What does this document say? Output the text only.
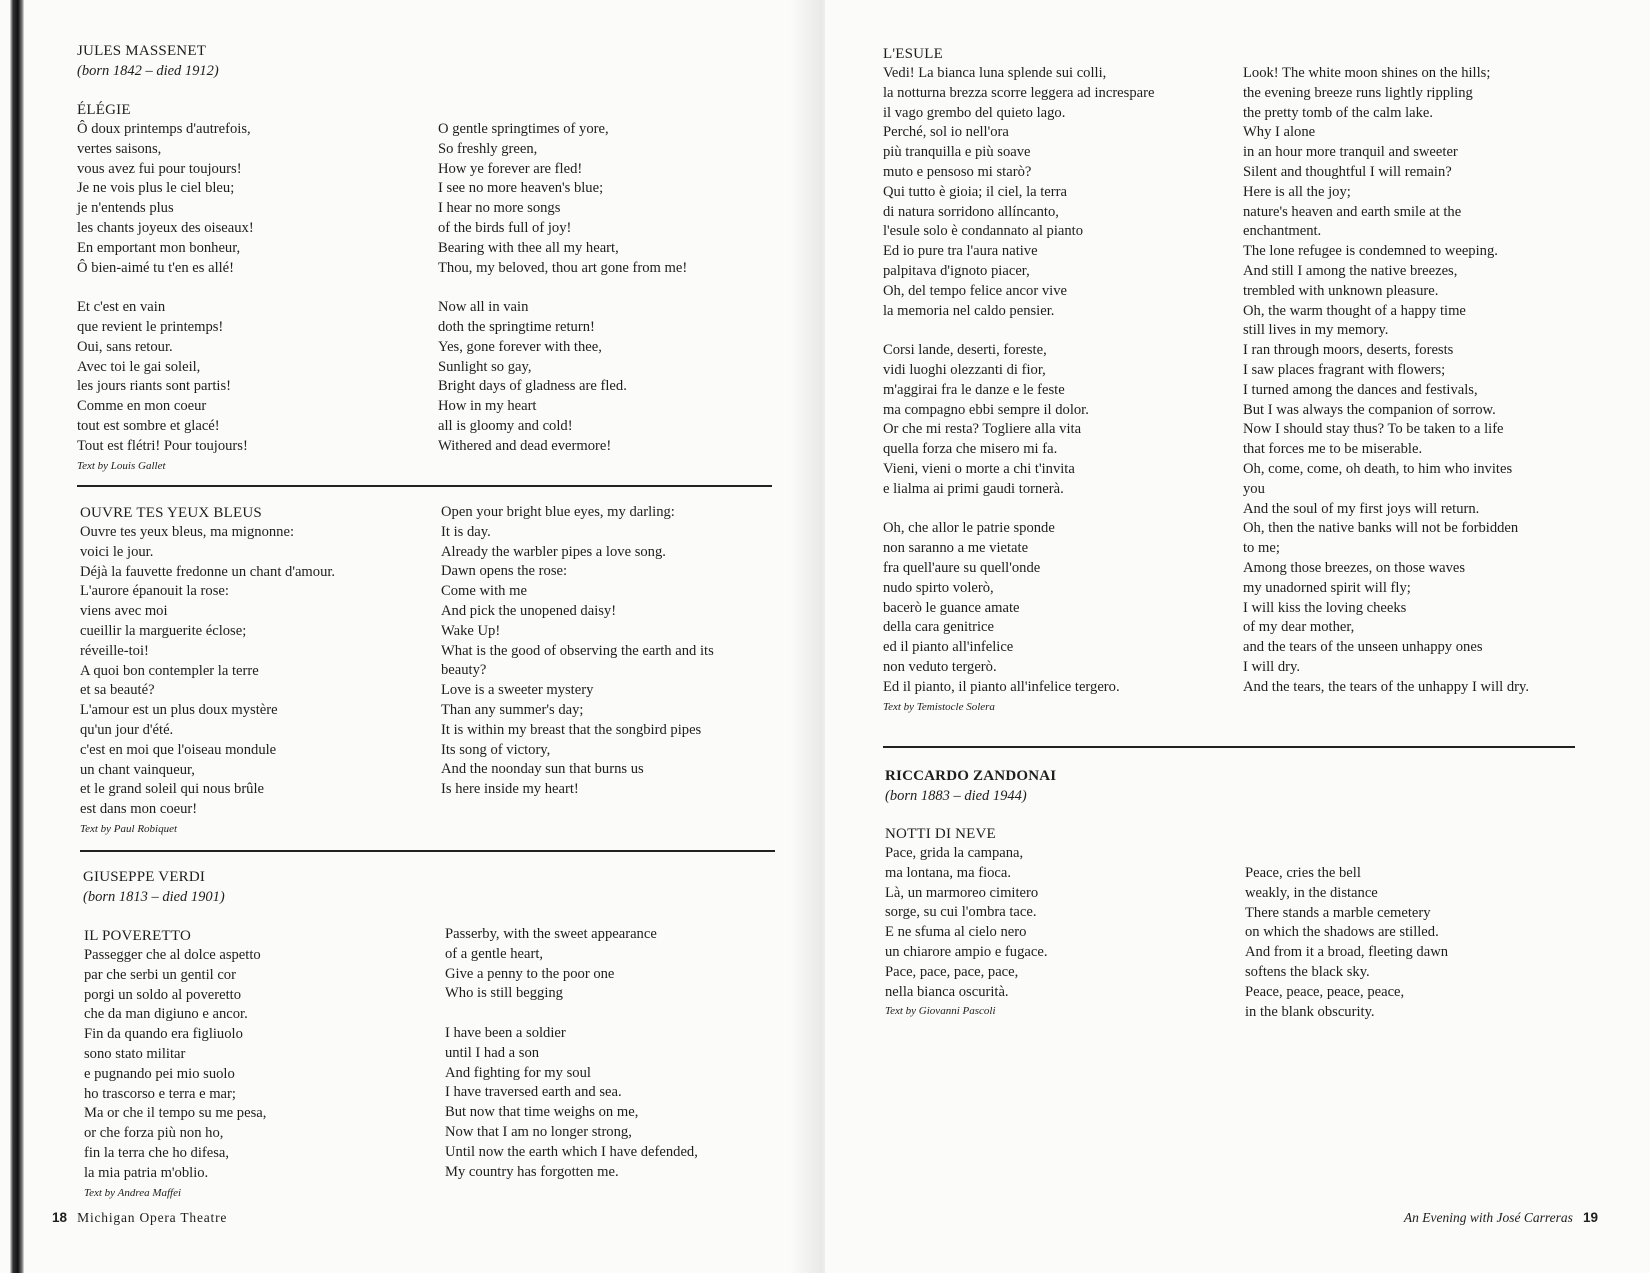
JULES MASSENET
(born 1842 – died 1912)
ÉLÉGIE
Ô doux printemps d'autrefois,
vertes saisons,
vous avez fui pour toujours!
Je ne vois plus le ciel bleu;
je n'entends plus
les chants joyeux des oiseaux!
En emportant mon bonheur,
Ô bien-aimé tu t'en es allé!

Et c'est en vain
que revient le printemps!
Oui, sans retour.
Avec toi le gai soleil,
les jours riants sont partis!
Comme en mon coeur
tout est sombre et glacé!
Tout est flétri! Pour toujours!
Text by Louis Gallet
O gentle springtimes of yore,
So freshly green,
How ye forever are fled!
I see no more heaven's blue;
I hear no more songs
of the birds full of joy!
Bearing with thee all my heart,
Thou, my beloved, thou art gone from me!

Now all in vain
doth the springtime return!
Yes, gone forever with thee,
Sunlight so gay,
Bright days of gladness are fled.
How in my heart
all is gloomy and cold!
Withered and dead evermore!
OUVRE TES YEUX BLEUS
Ouvre tes yeux bleus, ma mignonne:
voici le jour.
Déjà la fauvette fredonne un chant d'amour.
L'aurore épanouit la rose:
viens avec moi
cueillir la marguerite éclose;
réveille-toi!
A quoi bon contempler la terre
et sa beauté?
L'amour est un plus doux mystère
qu'un jour d'été.
c'est en moi que l'oiseau mondule
un chant vainqueur,
et le grand soleil qui nous brûle
est dans mon coeur!
Text by Paul Robiquet
Open your bright blue eyes, my darling:
It is day.
Already the warbler pipes a love song.
Dawn opens the rose:
Come with me
And pick the unopened daisy!
Wake Up!
What is the good of observing the earth and its
beauty?
Love is a sweeter mystery
Than any summer's day;
It is within my breast that the songbird pipes
Its song of victory,
And the noonday sun that burns us
Is here inside my heart!
GIUSEPPE VERDI
(born 1813 – died 1901)
IL POVERETTO
Passegger che al dolce aspetto
par che serbi un gentil cor
porgi un soldo al poveretto
che da man digiuno e ancor.
Fin da quando era figliuolo
sono stato militar
e pugnando pei mio suolo
ho trascorso e terra e mar;
Ma or che il tempo su me pesa,
or che forza più non ho,
fin la terra che ho difesa,
la mia patria m'oblio.
Text by Andrea Maffei
Passerby, with the sweet appearance
of a gentle heart,
Give a penny to the poor one
Who is still begging

I have been a soldier
until I had a son
And fighting for my soul
I have traversed earth and sea.
But now that time weighs on me,
Now that I am no longer strong,
Until now the earth which I have defended,
My country has forgotten me.
18 Michigan Opera Theatre
L'ESULE
Vedi! La bianca luna splende sui colli,
la notturna brezza scorre leggera ad increspare
il vago grembo del quieto lago.
Perché, sol io nell'ora
più tranquilla e più soave
muto e pensoso mi starò?
Qui tutto è gioia; il ciel, la terra
di natura sorridono allíncanto,
l'esule solo è condannato al pianto
Ed io pure tra l'aura native
palpitava d'ignoto piacer,
Oh, del tempo felice ancor vive
la memoria nel caldo pensier.

Corsi lande, deserti, foreste,
vidi luoghi olezzanti di fior,
m'aggirai fra le danze e le feste
ma compagno ebbi sempre il dolor.
Or che mi resta? Togliere alla vita
quella forza che misero mi fa.
Vieni, vieni o morte a chi t'invita
e lialma ai primi gaudi tornerà.

Oh, che allor le patrie sponde
non saranno a me vietate
fra quell'aure su quell'onde
nudo spirto volerò,
bacerò le guance amate
della cara genitrice
ed il pianto all'infelice
non veduto tergerò.
Ed il pianto, il pianto all'infelice tergero.
Text by Temistocle Solera
Look! The white moon shines on the hills;
the evening breeze runs lightly rippling
the pretty tomb of the calm lake.
Why I alone
in an hour more tranquil and sweeter
Silent and thoughtful I will remain?
Here is all the joy;
nature's heaven and earth smile at the
enchantment.
The lone refugee is condemned to weeping.
And still I among the native breezes,
trembled with unknown pleasure.
Oh, the warm thought of a happy time
still lives in my memory.
I ran through moors, deserts, forests
I saw places fragrant with flowers;
I turned among the dances and festivals,
But I was always the companion of sorrow.
Now I should stay thus? To be taken to a life
that forces me to be miserable.
Oh, come, come, oh death, to him who invites
you
And the soul of my first joys will return.
Oh, then the native banks will not be forbidden
to me;
Among those breezes, on those waves
my unadorned spirit will fly;
I will kiss the loving cheeks
of my dear mother,
and the tears of the unseen unhappy ones
I will dry.
And the tears, the tears of the unhappy I will dry.
RICCARDO ZANDONAI
(born 1883 – died 1944)
NOTTI DI NEVE
Pace, grida la campana,
ma lontana, ma fioca.
Là, un marmoreo cimitero
sorge, su cui l'ombra tace.
E ne sfuma al cielo nero
un chiarore ampio e fugace.
Pace, pace, pace, pace,
nella bianca oscurità.
Text by Giovanni Pascoli
Peace, cries the bell
weakly, in the distance
There stands a marble cemetery
on which the shadows are stilled.
And from it a broad, fleeting dawn
softens the black sky.
Peace, peace, peace, peace,
in the blank obscurity.
An Evening with José Carreras 19
